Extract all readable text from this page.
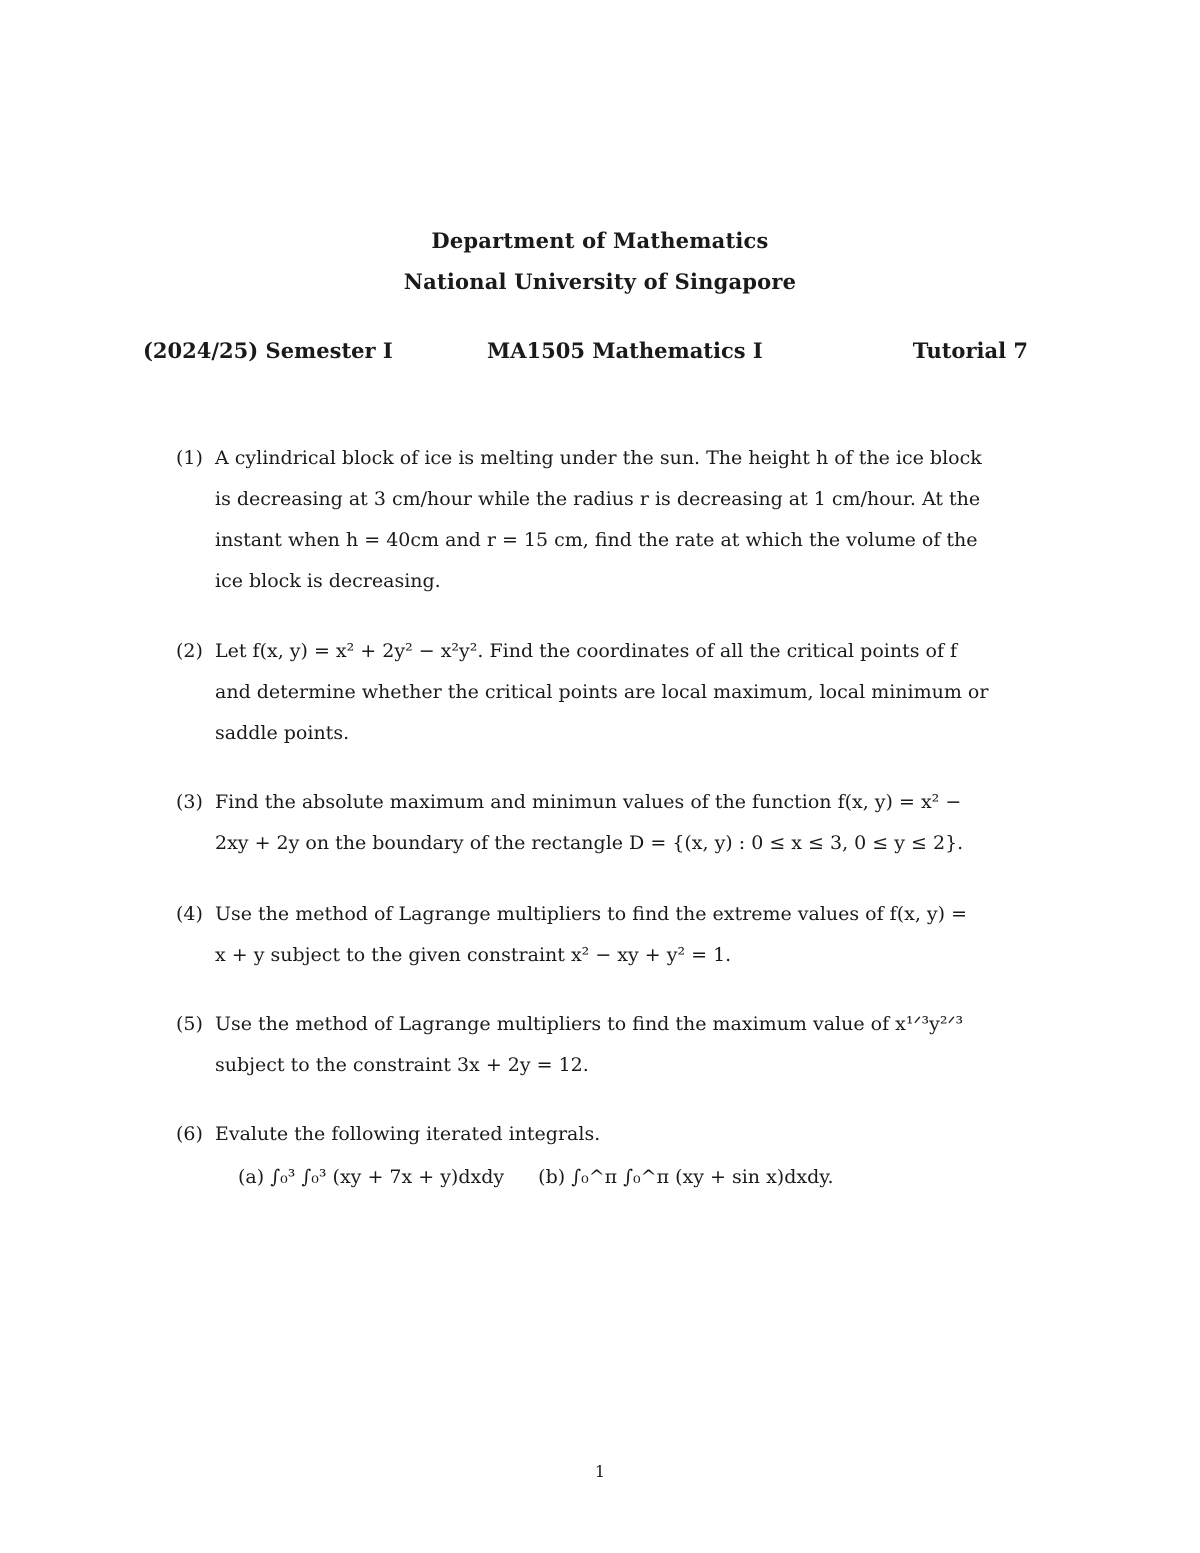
Department of Mathematics
National University of Singapore
(2024/25) Semester I	MA1505 Mathematics I	Tutorial 7
(1) A cylindrical block of ice is melting under the sun. The height h of the ice block
is decreasing at 3 cm/hour while the radius r is decreasing at 1 cm/hour. At the
instant when h = 40cm and r = 15 cm, find the rate at which the volume of the
ice block is decreasing.
(2) Let f(x, y) = x² + 2y² − x²y². Find the coordinates of all the critical points of f
and determine whether the critical points are local maximum, local minimum or
saddle points.
(3) Find the absolute maximum and minimun values of the function f(x, y) = x² −
2xy + 2y on the boundary of the rectangle D = {(x, y) : 0 ≤ x ≤ 3, 0 ≤ y ≤ 2}.
(4) Use the method of Lagrange multipliers to find the extreme values of f(x, y) =
x + y subject to the given constraint x² − xy + y² = 1.
(5) Use the method of Lagrange multipliers to find the maximum value of x¹ᐟ³y²ᐟ³
subject to the constraint 3x + 2y = 12.
(6) Evalute the following iterated integrals.
(a) ∫₀³ ∫₀³ (xy + 7x + y)dxdy (b) ∫₀^π ∫₀^π (xy + sin x)dxdy.
1
